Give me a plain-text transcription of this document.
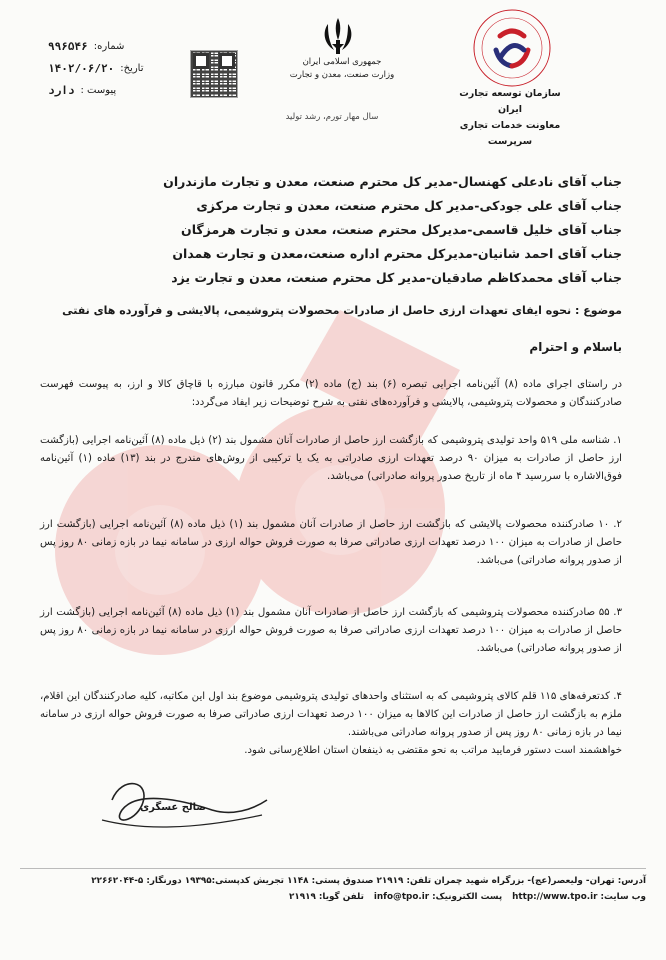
شماره:
۹۹۶۵۴۶
تاریخ:
۱۴۰۲/۰۶/۲۰
پیوست :
دارد
جمهوری اسلامی ایران
وزارت صنعت، معدن و تجارت
سال مهار تورم، رشد تولید
سازمان توسعه تجارت ایران
معاونت خدمات تجاری
سرپرست
جناب آقای نادعلی کهنسال-مدیر کل محترم صنعت، معدن و تجارت مازندران
جناب آقای علی جودکی-مدیر کل محترم صنعت، معدن و تجارت مرکزی
جناب آقای خلیل قاسمی-مدیرکل محترم صنعت، معدن و تجارت هرمزگان
جناب آقای احمد شانیان-مدیرکل محترم اداره صنعت،معدن و تجارت همدان
جناب آقای محمدکاظم صادقیان-مدیر کل محترم صنعت، معدن و تجارت یزد
موضوع : نحوه ایفای تعهدات ارزی حاصل از صادرات محصولات پتروشیمی، پالایشی و فرآورده های نفتی
باسلام و احترام
در راستای اجرای ماده (۸) آئین‌نامه اجرایی تبصره (۶) بند (ج) ماده (۲) مکرر قانون مبارزه با قاچاق کالا و ارز، به پیوست فهرست صادرکنندگان و محصولات پتروشیمی، پالایشی و فرآورده‌های نفتی به شرح توضیحات زیر ایفاد می‌گردد:
۱. شناسه ملی ۵۱۹ واحد تولیدی پتروشیمی که بازگشت ارز حاصل از صادرات آنان مشمول بند (۲) ذیل ماده (۸) آئین‌نامه اجرایی (بازگشت ارز حاصل از صادرات به میزان ۹۰ درصد تعهدات ارزی صادراتی به یک یا ترکیبی از روش‌های مندرج در بند (۱۳) ماده (۱) آئین‌نامه فوق‌الاشاره با سررسید ۴ ماه از تاریخ صدور پروانه صادراتی) می‌باشد.
۲. ۱۰ صادرکننده محصولات پالایشی که بازگشت ارز حاصل از صادرات آنان مشمول بند (۱) ذیل ماده (۸) آئین‌نامه اجرایی (بازگشت ارز حاصل از صادرات به میزان ۱۰۰ درصد تعهدات ارزی صادراتی صرفا به صورت فروش حواله ارزی در سامانه نیما در بازه زمانی ۸۰ روز پس از صدور پروانه صادراتی) می‌باشد.
۳. ۵۵ صادرکننده محصولات پتروشیمی که بازگشت ارز حاصل از صادرات آنان مشمول بند (۱) ذیل ماده (۸) آئین‌نامه اجرایی (بازگشت ارز حاصل از صادرات به میزان ۱۰۰ درصد تعهدات ارزی صادراتی صرفا به صورت فروش حواله ارزی در سامانه نیما در بازه زمانی ۸۰ روز پس از صدور پروانه صادراتی) می‌باشد.
۴. کدتعرفه‌های ۱۱۵ قلم کالای پتروشیمی که به استثنای واحدهای تولیدی پتروشیمی موضوع بند اول این مکاتبه، کلیه صادرکنندگان این اقلام، ملزم به بازگشت ارز حاصل از صادرات این کالاها به میزان ۱۰۰ درصد تعهدات ارزی صادراتی صرفا به صورت فروش حواله ارزی در سامانه نیما در بازه زمانی ۸۰ روز پس از صدور پروانه صادراتی می‌باشند.
خواهشمند است دستور فرمایید مراتب به نحو مقتضی به ذینفعان استان اطلاع‌رسانی شود.
صالح عسگری
آدرس: تهران- ولیعصر(عج)- بزرگراه شهید چمران تلفن: ۲۱۹۱۹ صندوق پستی: ۱۱۴۸ تجریش کدپستی:۱۹۳۹۵ دورنگار: ۵-۲۲۶۶۲۰۴۴
وب سایت: http://www.tpo.ir
پست الکترونیک: info@tpo.ir
تلفن گویا: ۲۱۹۱۹
